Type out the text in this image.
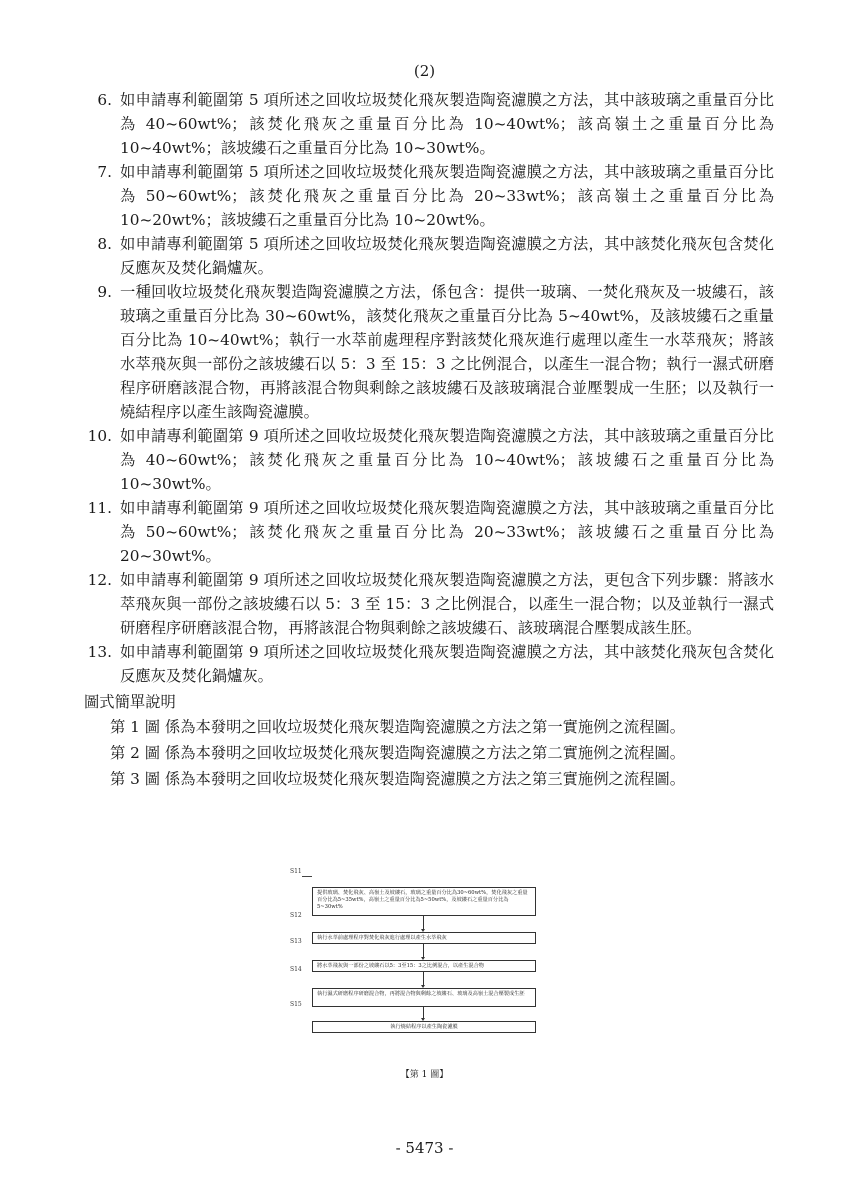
(2)
6. 如申請專利範圍第 5 項所述之回收垃圾焚化飛灰製造陶瓷濾膜之方法，其中該玻璃之重量百分比為 40~60wt%；該焚化飛灰之重量百分比為 10~40wt%；該高嶺土之重量百分比為 10~40wt%；該坡縷石之重量百分比為 10~30wt%。
7. 如申請專利範圍第 5 項所述之回收垃圾焚化飛灰製造陶瓷濾膜之方法，其中該玻璃之重量百分比為 50~60wt%；該焚化飛灰之重量百分比為 20~33wt%；該高嶺土之重量百分比為 10~20wt%；該坡縷石之重量百分比為 10~20wt%。
8. 如申請專利範圍第 5 項所述之回收垃圾焚化飛灰製造陶瓷濾膜之方法，其中該焚化飛灰包含焚化反應灰及焚化鍋爐灰。
9. 一種回收垃圾焚化飛灰製造陶瓷濾膜之方法，係包含：提供一玻璃、一焚化飛灰及一坡縷石，該玻璃之重量百分比為 30~60wt%，該焚化飛灰之重量百分比為 5~40wt%，及該坡縷石之重量百分比為 10~40wt%；執行一水萃前處理程序對該焚化飛灰進行處理以產生一水萃飛灰；將該水萃飛灰與一部份之該坡縷石以 5：3 至 15：3 之比例混合，以產生一混合物；執行一濕式研磨程序研磨該混合物，再將該混合物與剩餘之該坡縷石及該玻璃混合並壓製成一生胚；以及執行一燒結程序以產生該陶瓷濾膜。
10. 如申請專利範圍第 9 項所述之回收垃圾焚化飛灰製造陶瓷濾膜之方法，其中該玻璃之重量百分比為 40~60wt%；該焚化飛灰之重量百分比為 10~40wt%；該坡縷石之重量百分比為 10~30wt%。
11. 如申請專利範圍第 9 項所述之回收垃圾焚化飛灰製造陶瓷濾膜之方法，其中該玻璃之重量百分比為 50~60wt%；該焚化飛灰之重量百分比為 20~33wt%；該坡縷石之重量百分比為 20~30wt%。
12. 如申請專利範圍第 9 項所述之回收垃圾焚化飛灰製造陶瓷濾膜之方法，更包含下列步驟：將該水萃飛灰與一部份之該坡縷石以 5：3 至 15：3 之比例混合，以產生一混合物；以及並執行一濕式研磨程序研磨該混合物，再將該混合物與剩餘之該坡縷石、該玻璃混合壓製成該生胚。
13. 如申請專利範圍第 9 項所述之回收垃圾焚化飛灰製造陶瓷濾膜之方法，其中該焚化飛灰包含焚化反應灰及焚化鍋爐灰。
圖式簡單說明
第 1 圖 係為本發明之回收垃圾焚化飛灰製造陶瓷濾膜之方法之第一實施例之流程圖。
第 2 圖 係為本發明之回收垃圾焚化飛灰製造陶瓷濾膜之方法之第二實施例之流程圖。
第 3 圖 係為本發明之回收垃圾焚化飛灰製造陶瓷濾膜之方法之第三實施例之流程圖。
S11
提供玻璃、焚化飛灰、高嶺土及坡縷石，玻璃之重量百分比為30~60wt%，焚化飛灰之重量百分比為5~35wt%，高嶺土之重量百分比為5~50wt%，及坡縷石之重量百分比為5~30wt%
S12
執行水萃前處理程序對焚化飛灰進行處理以產生水萃飛灰
S13
將水萃飛灰與一部份之坡縷石以5：3至15：3之比例混合，以產生混合物
S14
執行濕式研磨程序研磨混合物，再將混合物與剩餘之坡縷石、玻璃及高嶺土混合壓製成生胚
S15
執行燒結程序以產生陶瓷濾膜
【第 1 圖】
- 5473 -
